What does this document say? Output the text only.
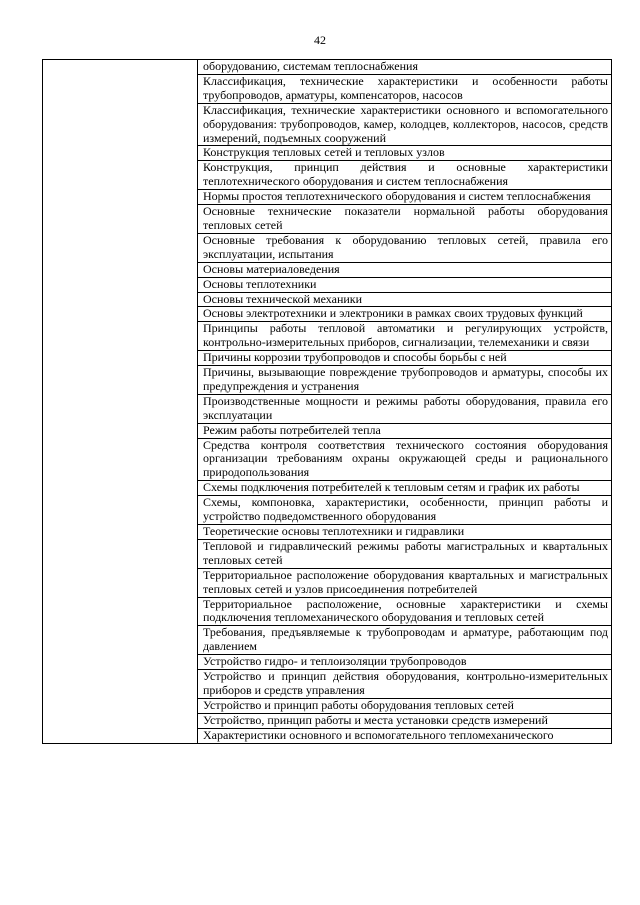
42

оборудованию, системам теплоснабжения

Классификация, технические характеристики и особенности работы трубопроводов, арматуры, компенсаторов, насосов

Классификация, технические характеристики основного и вспомогательного оборудования: трубопроводов, камер, колодцев, коллекторов, насосов, средств измерений, подъемных сооружений

Конструкция тепловых сетей и тепловых узлов

Конструкция, принцип действия и основные характеристики теплотехнического оборудования и систем теплоснабжения

Нормы простоя теплотехнического оборудования и систем теплоснабжения

Основные технические показатели нормальной работы оборудования тепловых сетей

Основные требования к оборудованию тепловых сетей, правила его эксплуатации, испытания

Основы материаловедения

Основы теплотехники

Основы технической механики

Основы электротехники и электроники в рамках своих трудовых функций

Принципы работы тепловой автоматики и регулирующих устройств, контрольно-измерительных приборов, сигнализации, телемеханики и связи

Причины коррозии трубопроводов и способы борьбы с ней

Причины, вызывающие повреждение трубопроводов и арматуры, способы их предупреждения и устранения

Производственные мощности и режимы работы оборудования, правила его эксплуатации

Режим работы потребителей тепла

Средства контроля соответствия технического состояния оборудования организации требованиям охраны окружающей среды и рационального природопользования

Схемы подключения потребителей к тепловым сетям и график их работы

Схемы, компоновка, характеристики, особенности, принцип работы и устройство подведомственного оборудования

Теоретические основы теплотехники и гидравлики

Тепловой и гидравлический режимы работы магистральных и квартальных тепловых сетей

Территориальное расположение оборудования квартальных и магистральных тепловых сетей и узлов присоединения потребителей

Территориальное расположение, основные характеристики и схемы подключения тепломеханического оборудования и тепловых сетей

Требования, предъявляемые к трубопроводам и арматуре, работающим под давлением

Устройство гидро- и теплоизоляции трубопроводов

Устройство и принцип действия оборудования, контрольно-измерительных приборов и средств управления

Устройство и принцип работы оборудования тепловых сетей

Устройство, принцип работы и места установки средств измерений

Характеристики основного и вспомогательного тепломеханического
